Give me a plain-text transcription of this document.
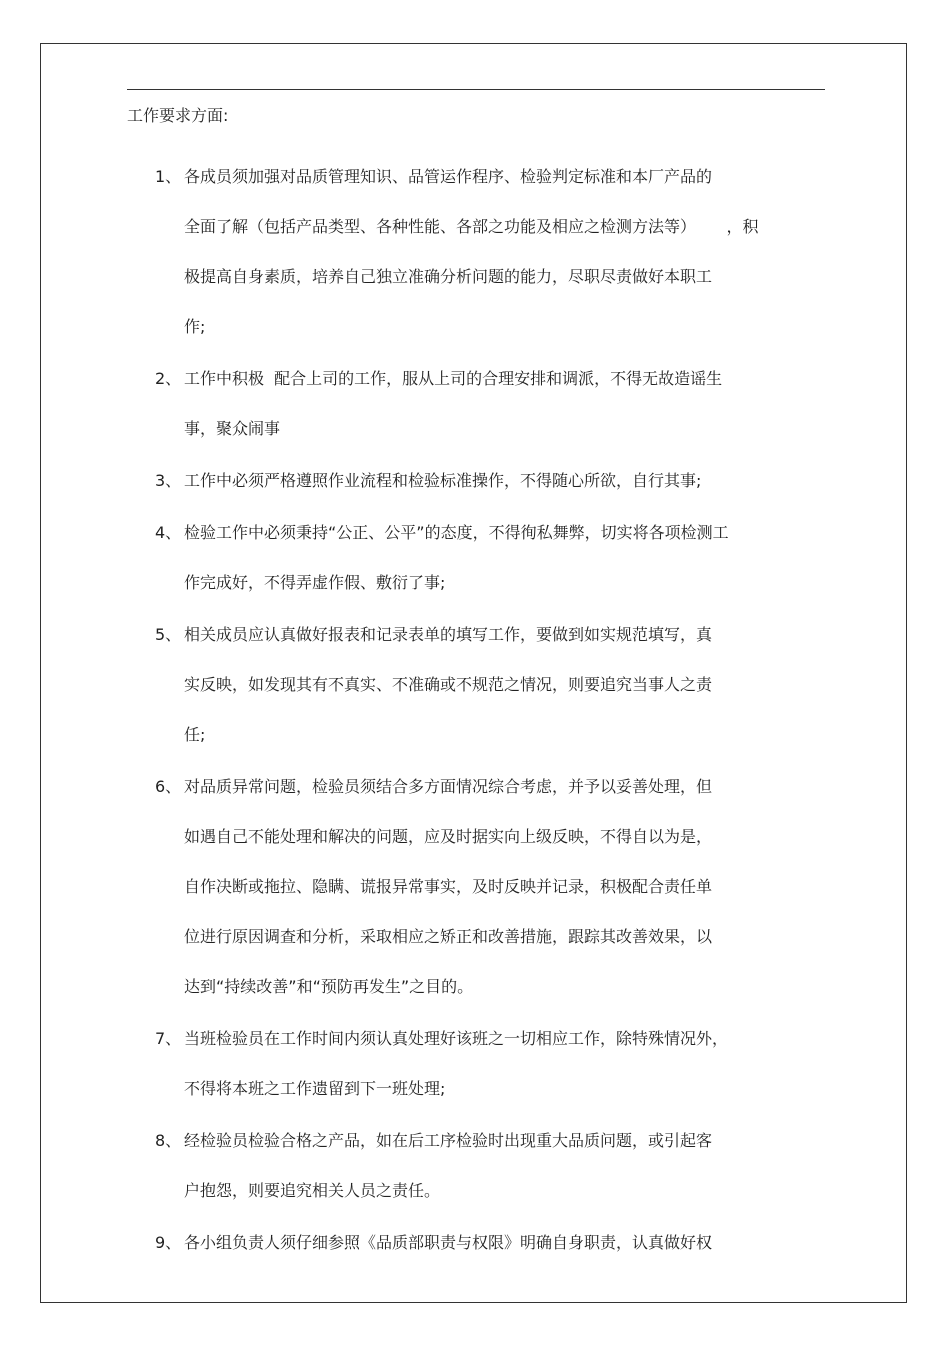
工作要求方面:
1、 各成员须加强对品质管理知识、品管运作程序、检验判定标准和本厂产品的
全面了解（包括产品类型、各种性能、各部之功能及相应之检测方法等）      ，积
极提高自身素质，培养自己独立准确分析问题的能力，尽职尽责做好本职工
作;
2、 工作中积极  配合上司的工作，服从上司的合理安排和调派，不得无故造谣生
事，聚众闹事
3、 工作中必须严格遵照作业流程和检验标准操作，不得随心所欲，自行其事;
4、 检验工作中必须秉持“公正、公平”的态度，不得徇私舞弊，切实将各项检测工
作完成好，不得弄虚作假、敷衍了事;
5、 相关成员应认真做好报表和记录表单的填写工作，要做到如实规范填写，真
实反映，如发现其有不真实、不准确或不规范之情况，则要追究当事人之责
任;
6、 对品质异常问题，检验员须结合多方面情况综合考虑，并予以妥善处理，但
如遇自己不能处理和解决的问题，应及时据实向上级反映，不得自以为是，
自作决断或拖拉、隐瞒、谎报异常事实，及时反映并记录，积极配合责任单
位进行原因调查和分析，采取相应之矫正和改善措施，跟踪其改善效果，以
达到“持续改善”和“预防再发生”之目的。
7、 当班检验员在工作时间内须认真处理好该班之一切相应工作，除特殊情况外，
不得将本班之工作遗留到下一班处理;
8、 经检验员检验合格之产品，如在后工序检验时出现重大品质问题，或引起客
户抱怨，则要追究相关人员之责任。
9、 各小组负责人须仔细参照《品质部职责与权限》明确自身职责，认真做好权
